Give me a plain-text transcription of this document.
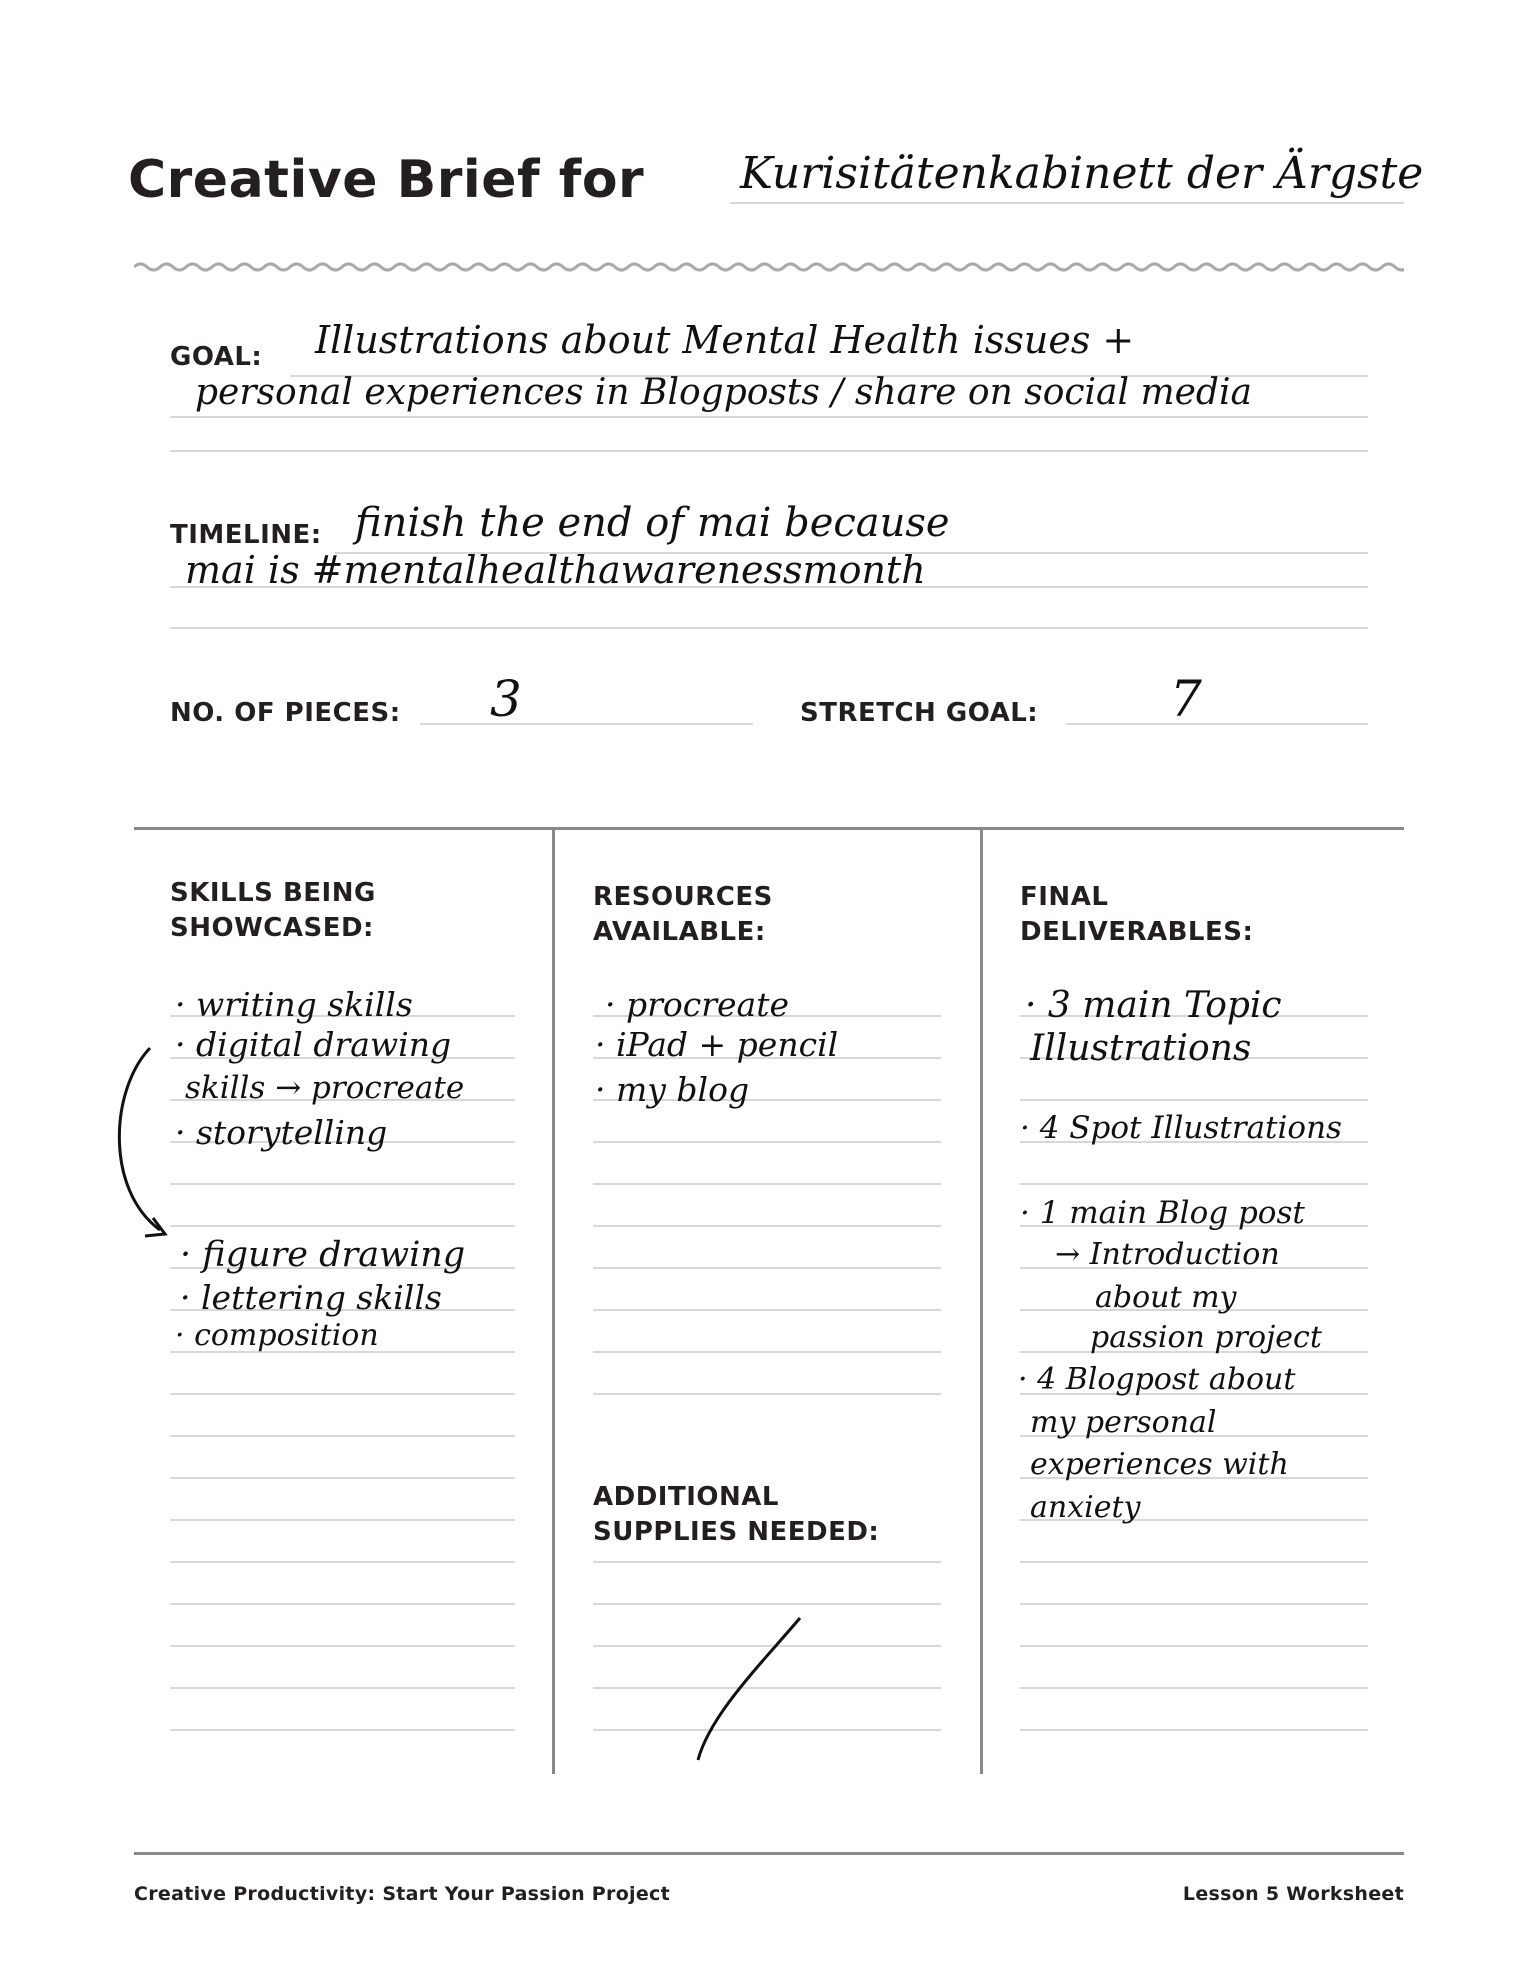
Creative Brief for Kurisitätenkabinett der Ärgste
GOAL: Illustrations about Mental Health issues +
personal experiences in Blogposts / share on social media
TIMELINE: finish the end of mai because
mai is #mentalhealthawarenessmonth
NO. OF PIECES: 3	STRETCH GOAL:	7
SKILLS BEING
SHOWCASED:
· writing skills
· digital drawing
skills → procreate
· storytelling
· figure drawing
· lettering skills
· composition
RESOURCES
AVAILABLE:
· procreate
· iPad + pencil
· my blog
ADDITIONAL
SUPPLIES NEEDED:
FINAL
DELIVERABLES:
· 3 main Topic
Illustrations
· 4 Spot Illustrations
· 1 main Blog post
→ Introduction
about my
passion project
· 4 Blogpost about
my personal
experiences with
anxiety
Creative Productivity: Start Your Passion Project	Lesson 5 Worksheet
